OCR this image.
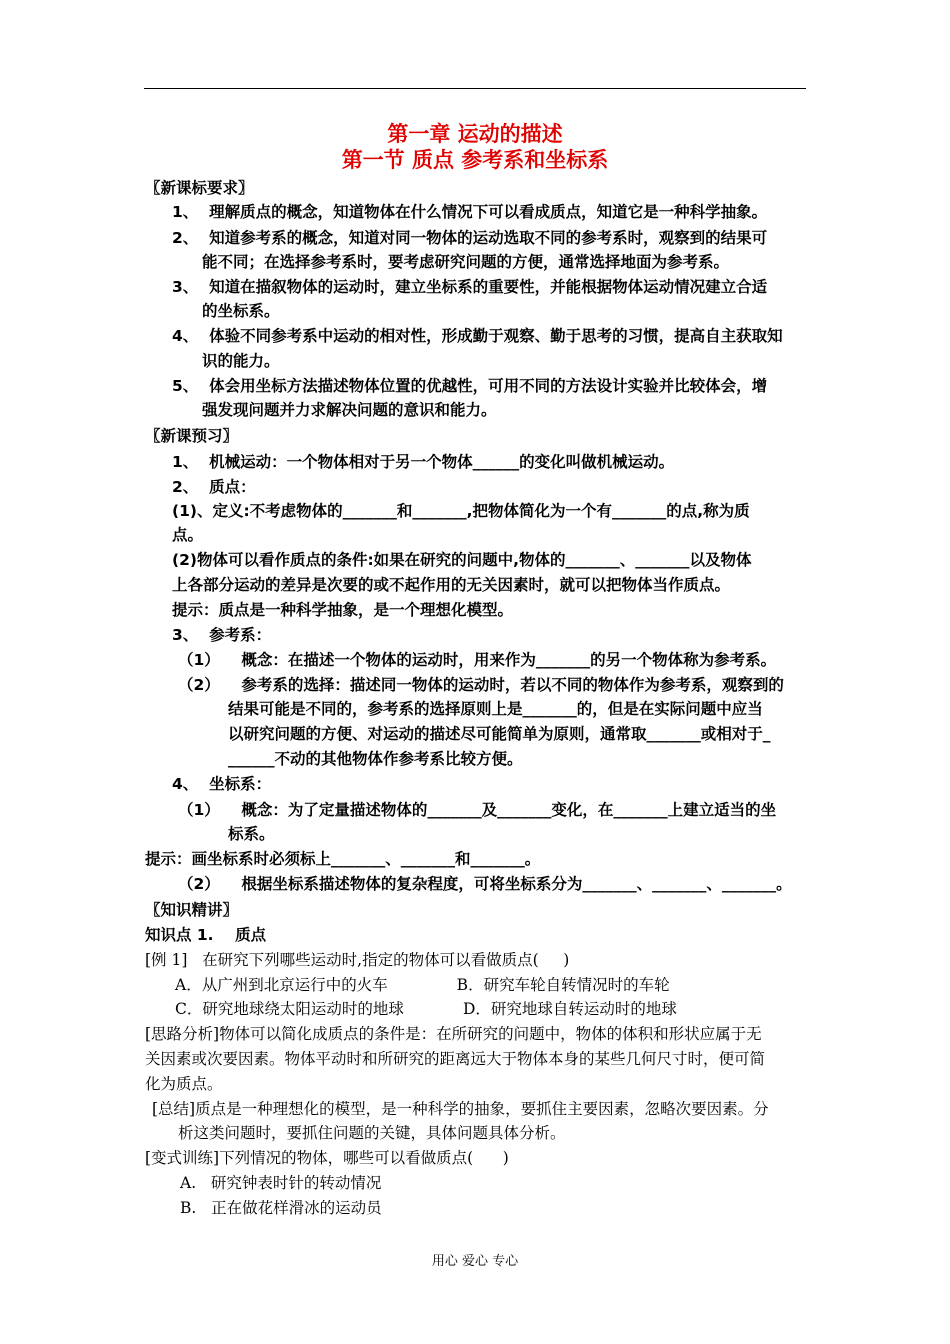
第一章 运动的描述
第一节 质点 参考系和坐标系
〖新课标要求〗
1、  理解质点的概念，知道物体在什么情况下可以看成质点，知道它是一种科学抽象。
2、  知道参考系的概念，知道对同一物体的运动选取不同的参考系时，观察到的结果可
能不同；在选择参考系时，要考虑研究问题的方便，通常选择地面为参考系。
3、  知道在描叙物体的运动时，建立坐标系的重要性，并能根据物体运动情况建立合适
的坐标系。
4、  体验不同参考系中运动的相对性，形成勤于观察、勤于思考的习惯，提高自主获取知
识的能力。
5、  体会用坐标方法描述物体位置的优越性，可用不同的方法设计实验并比较体会，增
强发现问题并力求解决问题的意识和能力。
〖新课预习〗
1、  机械运动：一个物体相对于另一个物体______的变化叫做机械运动。
2、  质点：
(1)、定义:不考虑物体的_______和_______,把物体简化为一个有_______的点,称为质
点。
(2)物体可以看作质点的条件:如果在研究的问题中,物体的_______、_______以及物体
上各部分运动的差异是次要的或不起作用的无关因素时，就可以把物体当作质点。
提示：质点是一种科学抽象，是一个理想化模型。
3、  参考系：
（1）    概念：在描述一个物体的运动时，用来作为_______的另一个物体称为参考系。
（2）    参考系的选择：描述同一物体的运动时，若以不同的物体作为参考系，观察到的
结果可能是不同的，参考系的选择原则上是_______的，但是在实际问题中应当
以研究问题的方便、对运动的描述尽可能简单为原则，通常取_______或相对于_
______不动的其他物体作参考系比较方便。
4、  坐标系：
（1）    概念：为了定量描述物体的_______及_______变化，在_______上建立适当的坐
标系。
提示：画坐标系时必须标上_______、_______和_______。
（2）    根据坐标系描述物体的复杂程度，可将坐标系分为_______、_______、_______。
〖知识精讲〗
知识点 1.    质点
[例 1]   在研究下列哪些运动时,指定的物体可以看做质点(     )
A．从广州到北京运行中的火车              B．研究车轮自转情况时的车轮
C．研究地球绕太阳运动时的地球            D．研究地球自转运动时的地球
[思路分析]物体可以简化成质点的条件是：在所研究的问题中，物体的体积和形状应属于无
关因素或次要因素。物体平动时和所研究的距离远大于物体本身的某些几何尺寸时，便可简
化为质点。
[总结]质点是一种理想化的模型，是一种科学的抽象，要抓住主要因素，忽略次要因素。分
析这类问题时，要抓住问题的关键，具体问题具体分析。
[变式训练]下列情况的物体，哪些可以看做质点(      )
A.   研究钟表时针的转动情况
B.   正在做花样滑冰的运动员
用心 爱心 专心
